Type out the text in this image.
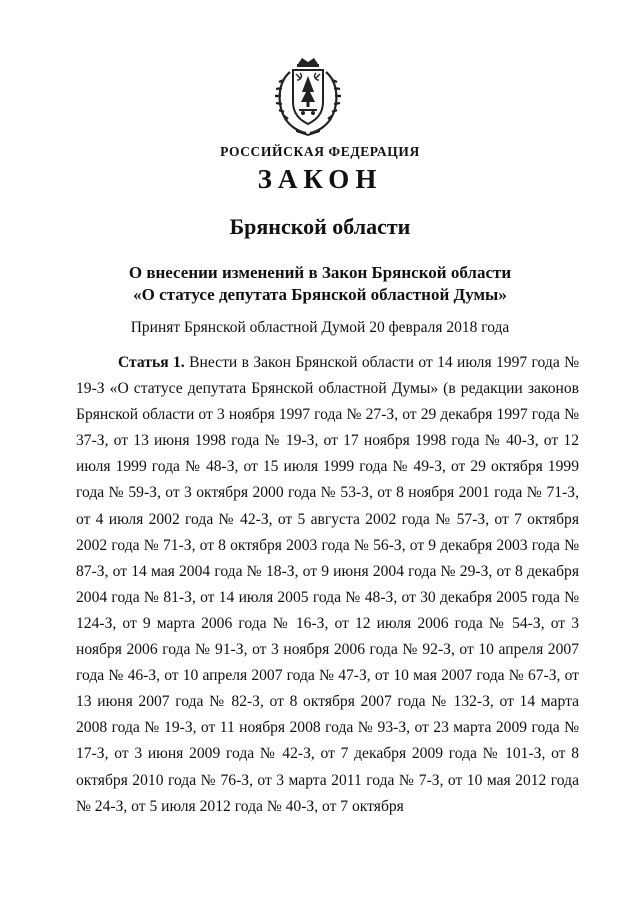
РОССИЙСКАЯ ФЕДЕРАЦИЯ
ЗАКОН
Брянской области
О внесении изменений в Закон Брянской области
«О статусе депутата Брянской областной Думы»
Принят Брянской областной Думой 20 февраля 2018 года
Статья 1. Внести в Закон Брянской области от 14 июля 1997 года № 19-З «О статусе депутата Брянской областной Думы» (в редакции законов Брянской области от 3 ноября 1997 года № 27-З, от 29 декабря 1997 года № 37-З, от 13 июня 1998 года № 19-З, от 17 ноября 1998 года № 40-З, от 12 июля 1999 года № 48-З, от 15 июля 1999 года № 49-З, от 29 октября 1999 года № 59-З, от 3 октября 2000 года № 53-З, от 8 ноября 2001 года № 71-З, от 4 июля 2002 года № 42-З, от 5 августа 2002 года № 57-З, от 7 октября 2002 года № 71-З, от 8 октября 2003 года № 56-З, от 9 декабря 2003 года № 87-З, от 14 мая 2004 года № 18-З, от 9 июня 2004 года № 29-З, от 8 декабря 2004 года № 81-З, от 14 июля 2005 года № 48-З, от 30 декабря 2005 года № 124-З, от 9 марта 2006 года № 16-З, от 12 июля 2006 года № 54-З, от 3 ноября 2006 года № 91-З, от 3 ноября 2006 года № 92-З, от 10 апреля 2007 года № 46-З, от 10 апреля 2007 года № 47-З, от 10 мая 2007 года № 67-З, от 13 июня 2007 года № 82-З, от 8 октября 2007 года № 132-З, от 14 марта 2008 года № 19-З, от 11 ноября 2008 года № 93-З, от 23 марта 2009 года № 17-З, от 3 июня 2009 года № 42-З, от 7 декабря 2009 года № 101-З, от 8 октября 2010 года № 76-З, от 3 марта 2011 года № 7-З, от 10 мая 2012 года № 24-З, от 5 июля 2012 года № 40-З, от 7 октября
